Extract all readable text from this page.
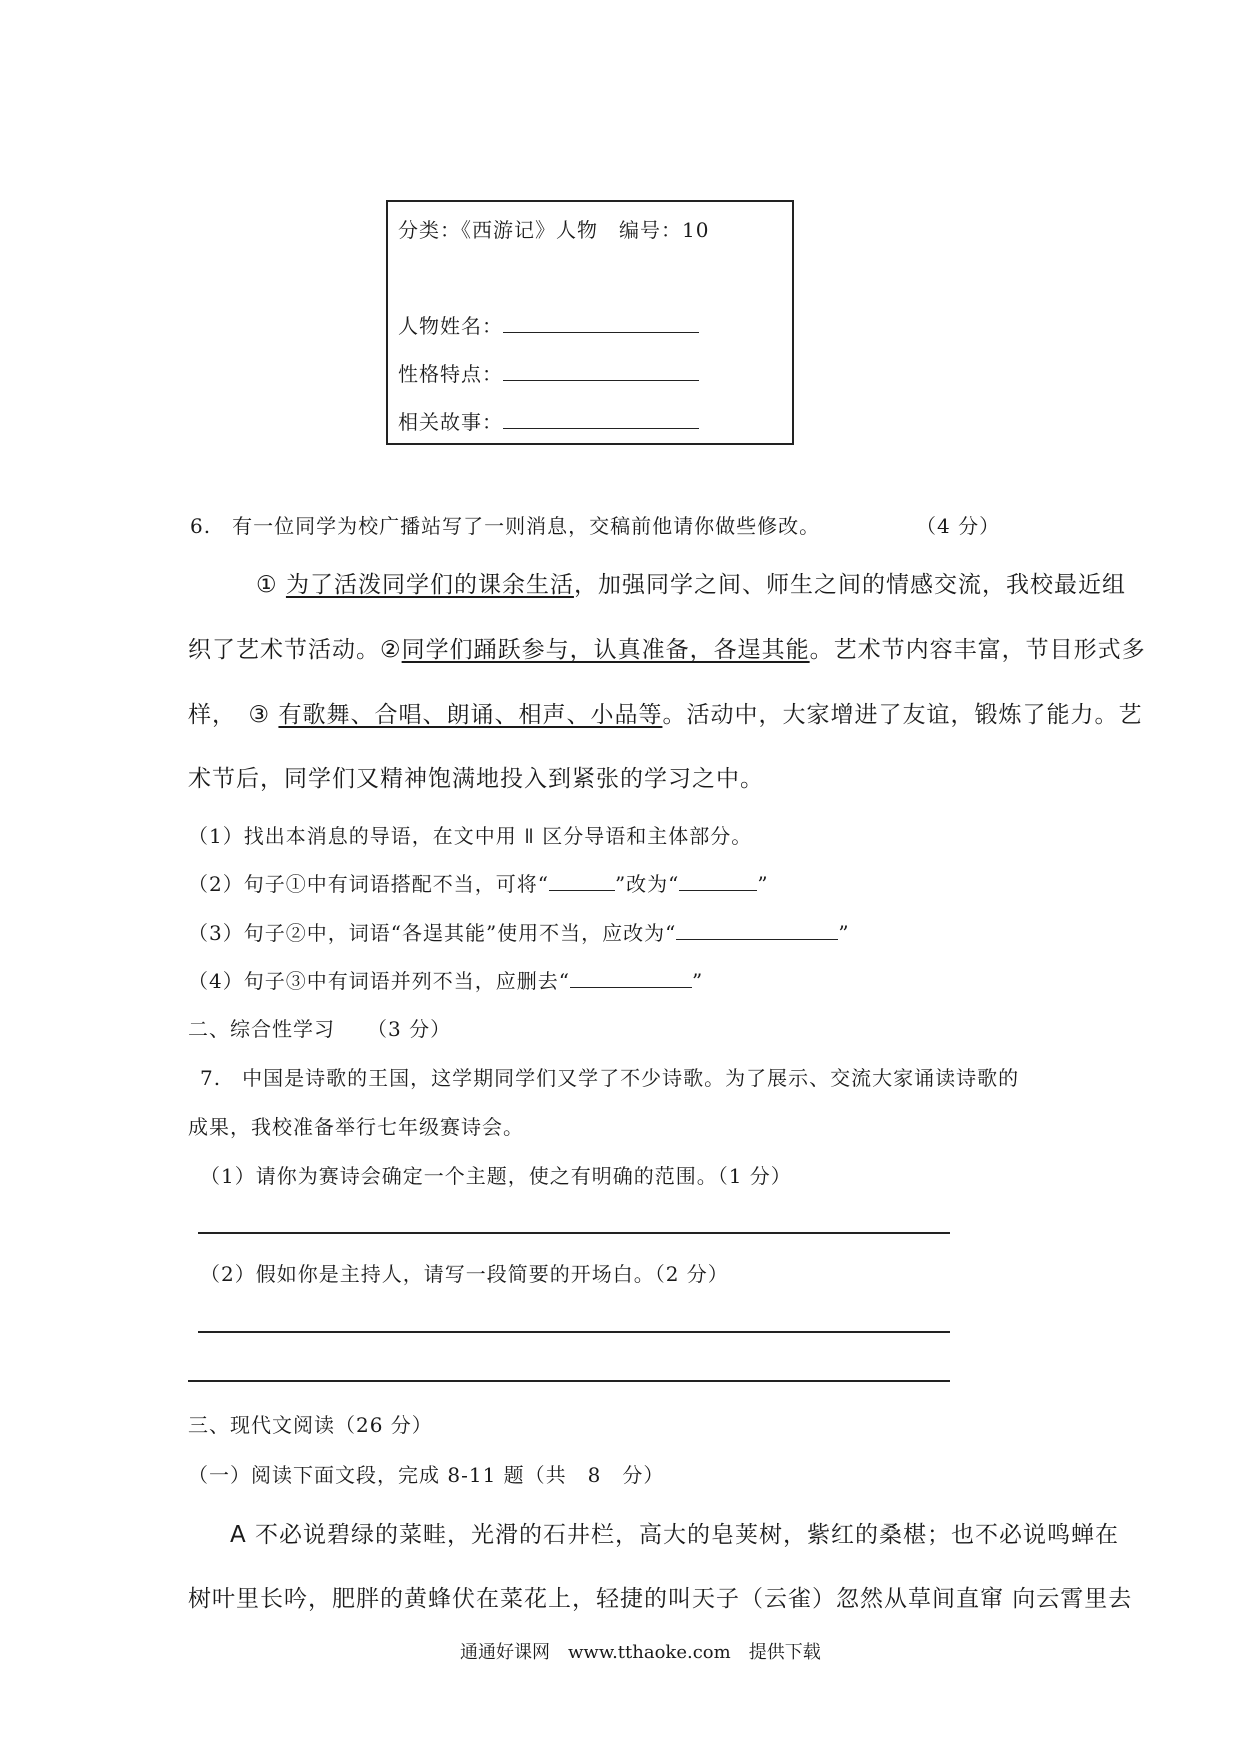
分类：《西游记》人物　编号：10
人物姓名：
性格特点：
相关故事：
6.　有一位同学为校广播站写了一则消息，交稿前他请你做些修改。	（4 分）
① 为了活泼同学们的课余生活，加强同学之间、师生之间的情感交流，我校最近组
织了艺术节活动。②同学们踊跃参与，认真准备，各逞其能。艺术节内容丰富，节目形式多
样，　③ 有歌舞、合唱、朗诵、相声、小品等。活动中，大家增进了友谊，锻炼了能力。艺
术节后，同学们又精神饱满地投入到紧张的学习之中。
（1）找出本消息的导语，在文中用 ǁ 区分导语和主体部分。
（2）句子①中有词语搭配不当，可将“	”改为“	”
（3）句子②中，词语“各逞其能”使用不当，应改为“	”
（4）句子③中有词语并列不当，应删去“	”
二、综合性学习　　（3 分）
7.　中国是诗歌的王国，这学期同学们又学了不少诗歌。为了展示、交流大家诵读诗歌的
成果，我校准备举行七年级赛诗会。
（1）请你为赛诗会确定一个主题，使之有明确的范围。（1 分）
（2）假如你是主持人，请写一段简要的开场白。（2 分）
三、现代文阅读（26 分）
（一）阅读下面文段，完成 8-11 题（共　8　分）
A 不必说碧绿的菜畦，光滑的石井栏，高大的皂荚树，紫红的桑椹；也不必说鸣蝉在
树叶里长吟，肥胖的黄蜂伏在菜花上，轻捷的叫天子（云雀）忽然从草间直窜 向云霄里去
通通好课网　www.tthaoke.com　提供下载
